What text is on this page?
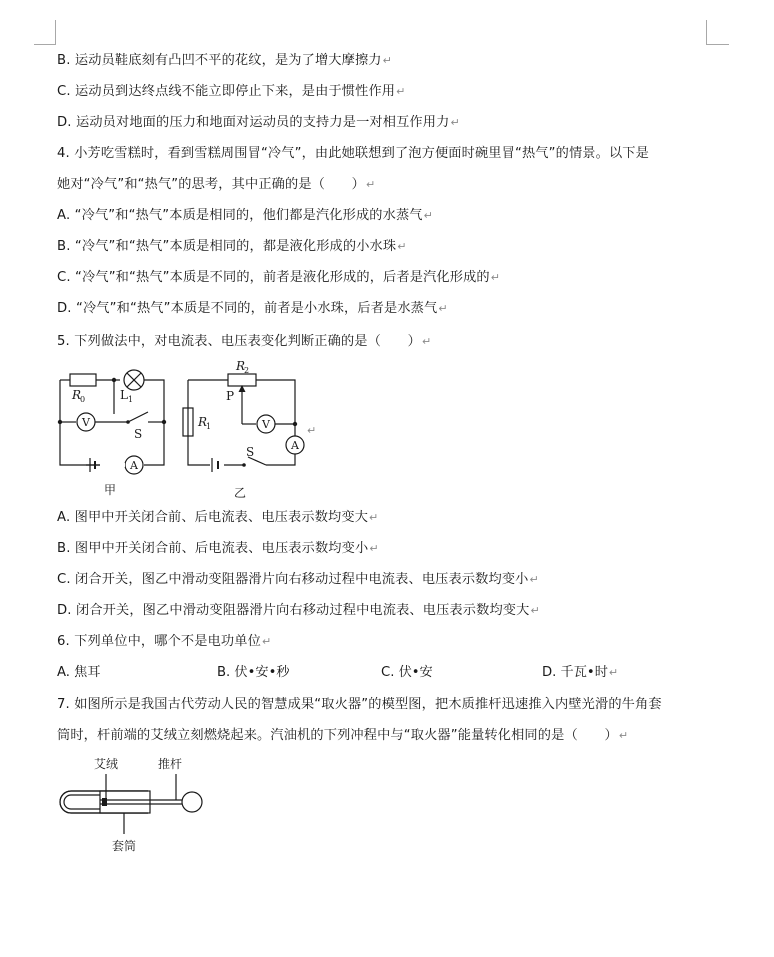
B. 运动员鞋底刻有凸凹不平的花纹，是为了增大摩擦力↵
C. 运动员到达终点线不能立即停止下来，是由于惯性作用↵
D. 运动员对地面的压力和地面对运动员的支持力是一对相互作用力↵
4. 小芳吃雪糕时，看到雪糕周围冒“冷气”，由此她联想到了泡方便面时碗里冒“热气”的情景。以下是
她对“冷气”和“热气”的思考，其中正确的是（　　）↵
A. “冷气”和“热气”本质是相同的，他们都是汽化形成的水蒸气↵
B. “冷气”和“热气”本质是相同的，都是液化形成的小水珠↵
C. “冷气”和“热气”本质是不同的，前者是液化形成的，后者是汽化形成的↵
D. “冷气”和“热气”本质是不同的，前者是小水珠，后者是水蒸气↵
5. 下列做法中，对电流表、电压表变化判断正确的是（　　）↵
R
0	L 1
V
S
A
甲
R
2
P
R
1	V
A
S
乙
↵
A. 图甲中开关闭合前、后电流表、电压表示数均变大↵
B. 图甲中开关闭合前、后电流表、电压表示数均变小↵
C. 闭合开关，图乙中滑动变阻器滑片向右移动过程中电流表、电压表示数均变小↵
D. 闭合开关，图乙中滑动变阻器滑片向右移动过程中电流表、电压表示数均变大↵
6. 下列单位中，哪个不是电功单位↵
A. 焦耳	B. 伏•安•秒	C. 伏•安	D. 千瓦•时↵
7. 如图所示是我国古代劳动人民的智慧成果“取火器”的模型图，把木质推杆迅速推入内壁光滑的牛角套
筒时，杆前端的艾绒立刻燃烧起来。汽油机的下列冲程中与“取火器”能量转化相同的是（　　）↵
艾绒	推杆
套筒
